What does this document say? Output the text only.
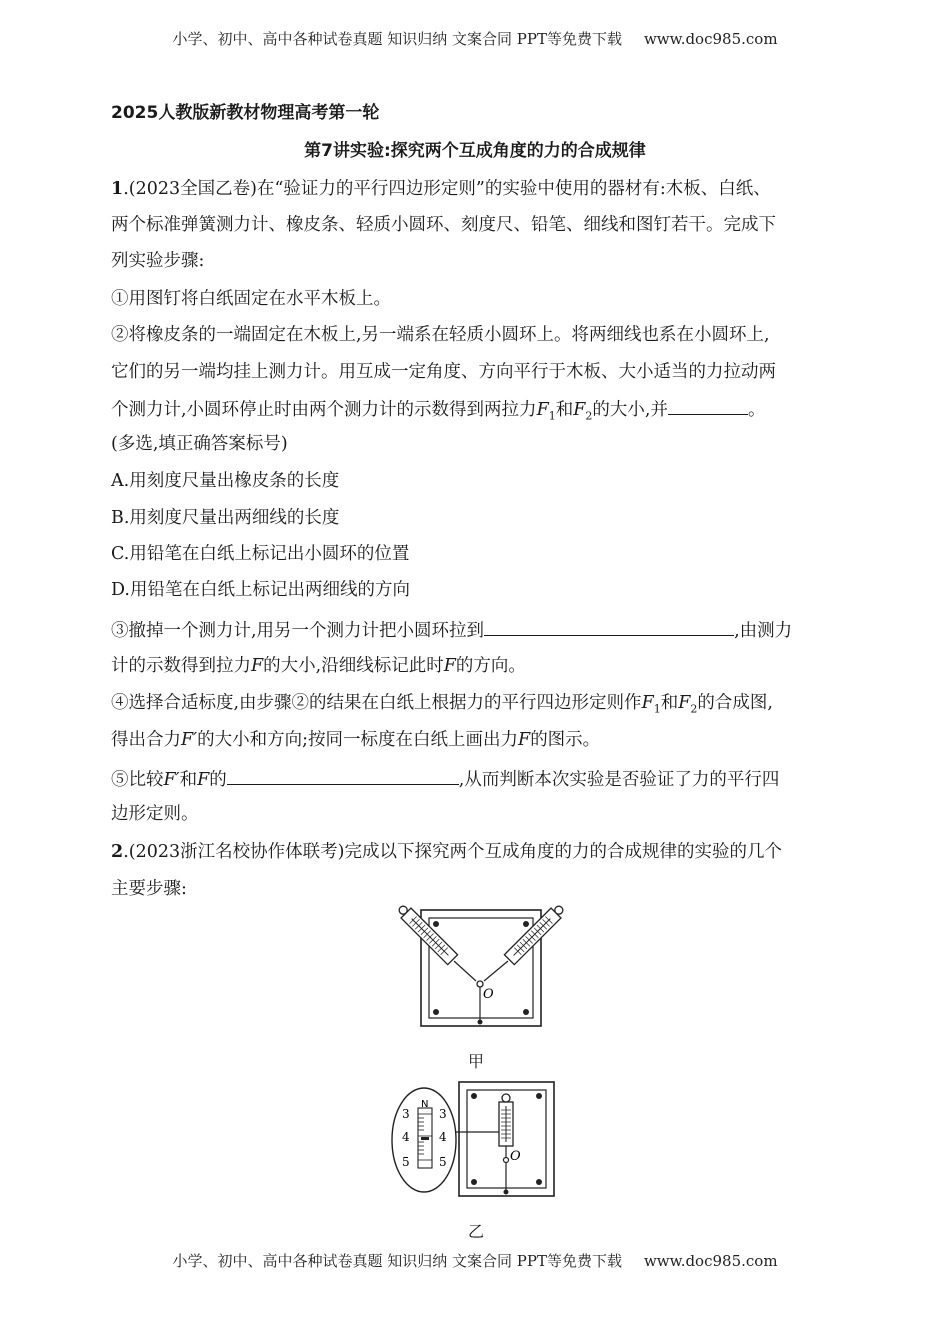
小学、初中、高中各种试卷真题 知识归纳 文案合同 PPT等免费下载 www.doc985.com
2025人教版新教材物理高考第一轮
第7讲实验:探究两个互成角度的力的合成规律
1.(2023全国乙卷)在“验证力的平行四边形定则”的实验中使用的器材有:木板、白纸、
两个标准弹簧测力计、橡皮条、轻质小圆环、刻度尺、铅笔、细线和图钉若干。完成下
列实验步骤:
①用图钉将白纸固定在水平木板上。
②将橡皮条的一端固定在木板上,另一端系在轻质小圆环上。将两细线也系在小圆环上,
它们的另一端均挂上测力计。用互成一定角度、方向平行于木板、大小适当的力拉动两
个测力计,小圆环停止时由两个测力计的示数得到两拉力$F_1$和$F_2$的大小,并	。
(多选,填正确答案标号)
A.用刻度尺量出橡皮条的长度
B.用刻度尺量出两细线的长度
C.用铅笔在白纸上标记出小圆环的位置
D.用铅笔在白纸上标记出两细线的方向
③撤掉一个测力计,用另一个测力计把小圆环拉到	,由测力
计的示数得到拉力F的大小,沿细线标记此时F的方向。
④选择合适标度,由步骤②的结果在白纸上根据力的平行四边形定则作$F_1$和$F_2$的合成图,
得出合力F′的大小和方向;按同一标度在白纸上画出力F的图示。
⑤比较F′和F的	,从而判断本次实验是否验证了力的平行四
边形定则。
2.(2023浙江名校协作体联考)完成以下探究两个互成角度的力的合成规律的实验的几个
主要步骤:
O
甲
O
N
3
4
5
3
4
5
乙
小学、初中、高中各种试卷真题 知识归纳 文案合同 PPT等免费下载 www.doc985.com
